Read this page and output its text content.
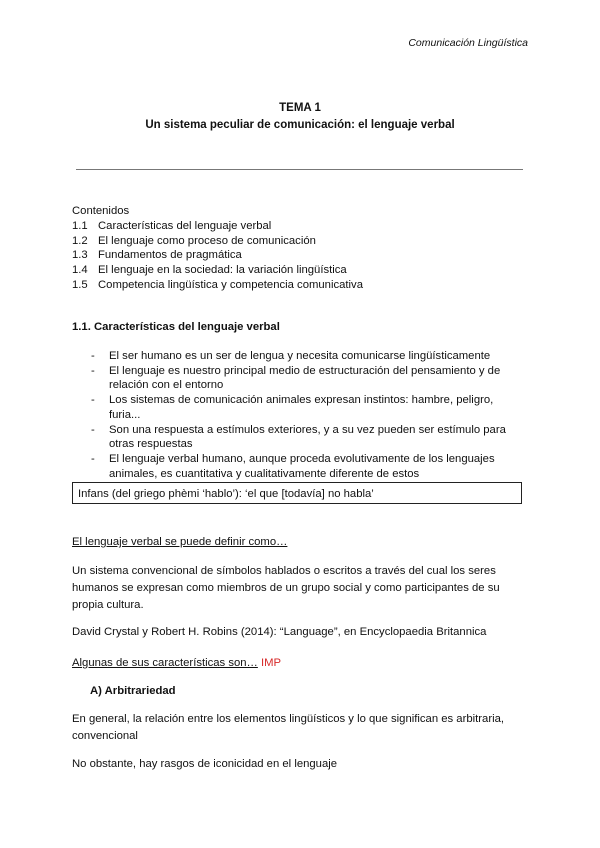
Comunicación Lingüística
TEMA 1
Un sistema peculiar de comunicación: el lenguaje verbal
Contenidos
1.1 Características del lenguaje verbal
1.2 El lenguaje como proceso de comunicación
1.3 Fundamentos de pragmática
1.4 El lenguaje en la sociedad: la variación lingüística
1.5 Competencia lingüística y competencia comunicativa
1.1. Características del lenguaje verbal
-	El ser humano es un ser de lengua y necesita comunicarse lingüísticamente
-	El lenguaje es nuestro principal medio de estructuración del pensamiento y de relación con el entorno
-	Los sistemas de comunicación animales expresan instintos: hambre, peligro, furia...
-	Son una respuesta a estímulos exteriores, y a su vez pueden ser estímulo para otras respuestas
-	El lenguaje verbal humano, aunque proceda evolutivamente de los lenguajes animales, es cuantitativa y cualitativamente diferente de estos
Infans (del griego phèmi ‘hablo’): ‘el que [todavía] no habla’
El lenguaje verbal se puede definir como…
Un sistema convencional de símbolos hablados o escritos a través del cual los seres humanos se expresan como miembros de un grupo social y como participantes de su propia cultura.
David Crystal y Robert H. Robins (2014): “Language”, en Encyclopaedia Britannica
Algunas de sus características son… IMP
A) Arbitrariedad
En general, la relación entre los elementos lingüísticos y lo que significan es arbitraria, convencional
No obstante, hay rasgos de iconicidad en el lenguaje
